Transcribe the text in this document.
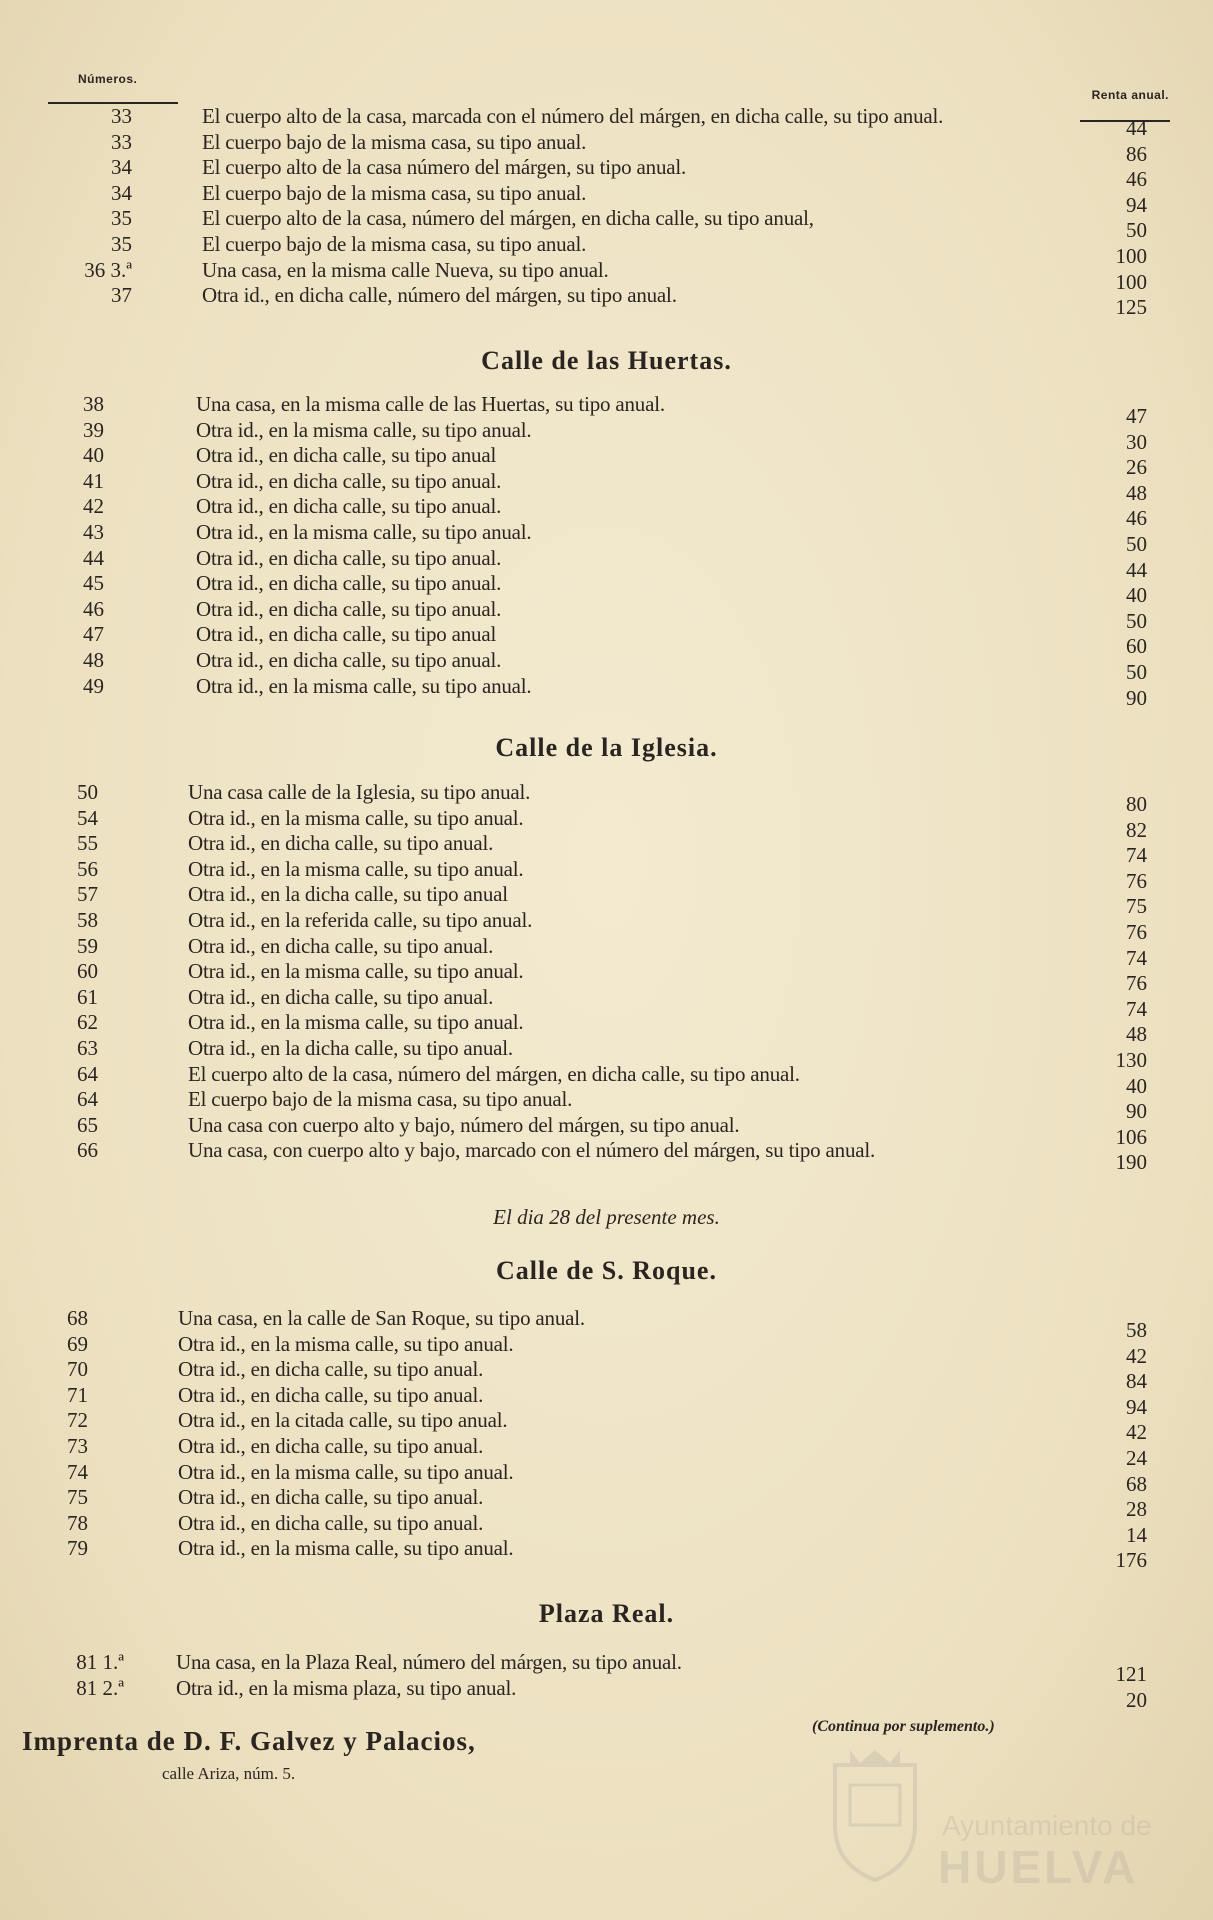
Números.
Renta anual.
33	El cuerpo alto de la casa, marcada con el número del márgen, en dicha calle, su tipo anual.	44
33	El cuerpo bajo de la misma casa, su tipo anual.	86
34	El cuerpo alto de la casa número del márgen, su tipo anual.	46
34	El cuerpo bajo de la misma casa, su tipo anual.	94
35	El cuerpo alto de la casa, número del márgen, en dicha calle, su tipo anual,	50
35	El cuerpo bajo de la misma casa, su tipo anual.	100
36 3.ª	Una casa, en la misma calle Nueva, su tipo anual.	100
37	Otra id., en dicha calle, número del márgen, su tipo anual.	125
Calle de las Huertas.
38	Una casa, en la misma calle de las Huertas, su tipo anual.	47
39	Otra id., en la misma calle, su tipo anual.	30
40	Otra id., en dicha calle, su tipo anual	26
41	Otra id., en dicha calle, su tipo anual.	48
42	Otra id., en dicha calle, su tipo anual.	46
43	Otra id., en la misma calle, su tipo anual.	50
44	Otra id., en dicha calle, su tipo anual.	44
45	Otra id., en dicha calle, su tipo anual.	40
46	Otra id., en dicha calle, su tipo anual.	50
47	Otra id., en dicha calle, su tipo anual	60
48	Otra id., en dicha calle, su tipo anual.	50
49	Otra id., en la misma calle, su tipo anual.	90
Calle de la Iglesia.
50	Una casa calle de la Iglesia, su tipo anual.	80
54	Otra id., en la misma calle, su tipo anual.	82
55	Otra id., en dicha calle, su tipo anual.	74
56	Otra id., en la misma calle, su tipo anual.	76
57	Otra id., en la dicha calle, su tipo anual	75
58	Otra id., en la referida calle, su tipo anual.	76
59	Otra id., en dicha calle, su tipo anual.	74
60	Otra id., en la misma calle, su tipo anual.	76
61	Otra id., en dicha calle, su tipo anual.	74
62	Otra id., en la misma calle, su tipo anual.	48
63	Otra id., en la dicha calle, su tipo anual.	130
64	El cuerpo alto de la casa, número del márgen, en dicha calle, su tipo anual.	40
64	El cuerpo bajo de la misma casa, su tipo anual.	90
65	Una casa con cuerpo alto y bajo, número del márgen, su tipo anual.	106
66	Una casa, con cuerpo alto y bajo, marcado con el número del márgen, su tipo anual.	190
El dia 28 del presente mes.
Calle de S. Roque.
68	Una casa, en la calle de San Roque, su tipo anual.	58
69	Otra id., en la misma calle, su tipo anual.	42
70	Otra id., en dicha calle, su tipo anual.	84
71	Otra id., en dicha calle, su tipo anual.	94
72	Otra id., en la citada calle, su tipo anual.	42
73	Otra id., en dicha calle, su tipo anual.	24
74	Otra id., en la misma calle, su tipo anual.	68
75	Otra id., en dicha calle, su tipo anual.	28
78	Otra id., en dicha calle, su tipo anual.	14
79	Otra id., en la misma calle, su tipo anual.	176
Plaza Real.
81 1.ª Una casa, en la Plaza Real, número del márgen, su tipo anual.	121
81 2.ª Otra id., en la misma plaza, su tipo anual.	20
Imprenta de D. F. Galvez y Palacios,
calle Ariza, núm. 5.
(Continua por suplemento.)
Ayuntamiento de
HUELVA
